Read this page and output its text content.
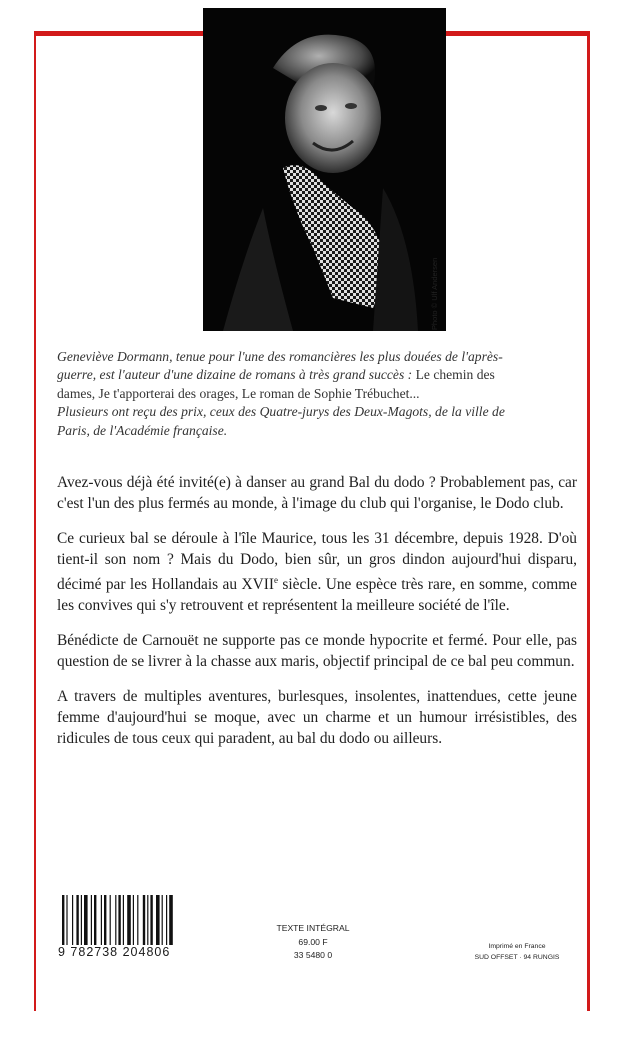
Photo © Ulf Andersen
Geneviève Dormann, tenue pour l'une des romancières les plus douées de l'après-
guerre, est l'auteur d'une dizaine de romans à très grand succès : Le chemin des
dames, Je t'apporterai des orages, Le roman de Sophie Trébuchet...
Plusieurs ont reçu des prix, ceux des Quatre-jurys des Deux-Magots, de la ville de
Paris, de l'Académie française.

Avez-vous déjà été invité(e) à danser au grand Bal du dodo ? Probablement pas, car c'est l'un des plus fermés au monde, à l'image du club qui l'organise, le Dodo club.

Ce curieux bal se déroule à l'île Maurice, tous les 31 décembre, depuis 1928. D'où tient-il son nom ? Mais du Dodo, bien sûr, un gros dindon aujourd'hui disparu, décimé par les Hollandais au XVIIe siècle. Une espèce très rare, en somme, comme les convives qui s'y retrouvent et représentent la meilleure société de l'île.

Bénédicte de Carnouët ne supporte pas ce monde hypocrite et fermé. Pour elle, pas question de se livrer à la chasse aux maris, objectif principal de ce bal peu commun.

A travers de multiples aventures, burlesques, insolentes, inattendues, cette jeune femme d'aujourd'hui se moque, avec un charme et un humour irrésistibles, des ridicules de tous ceux qui paradent, au bal du dodo ou ailleurs.

9 782738 204806
TEXTE INTÉGRAL
69.00 F
33 5480 0
Imprimé en France
SUD OFFSET · 94 RUNGIS
